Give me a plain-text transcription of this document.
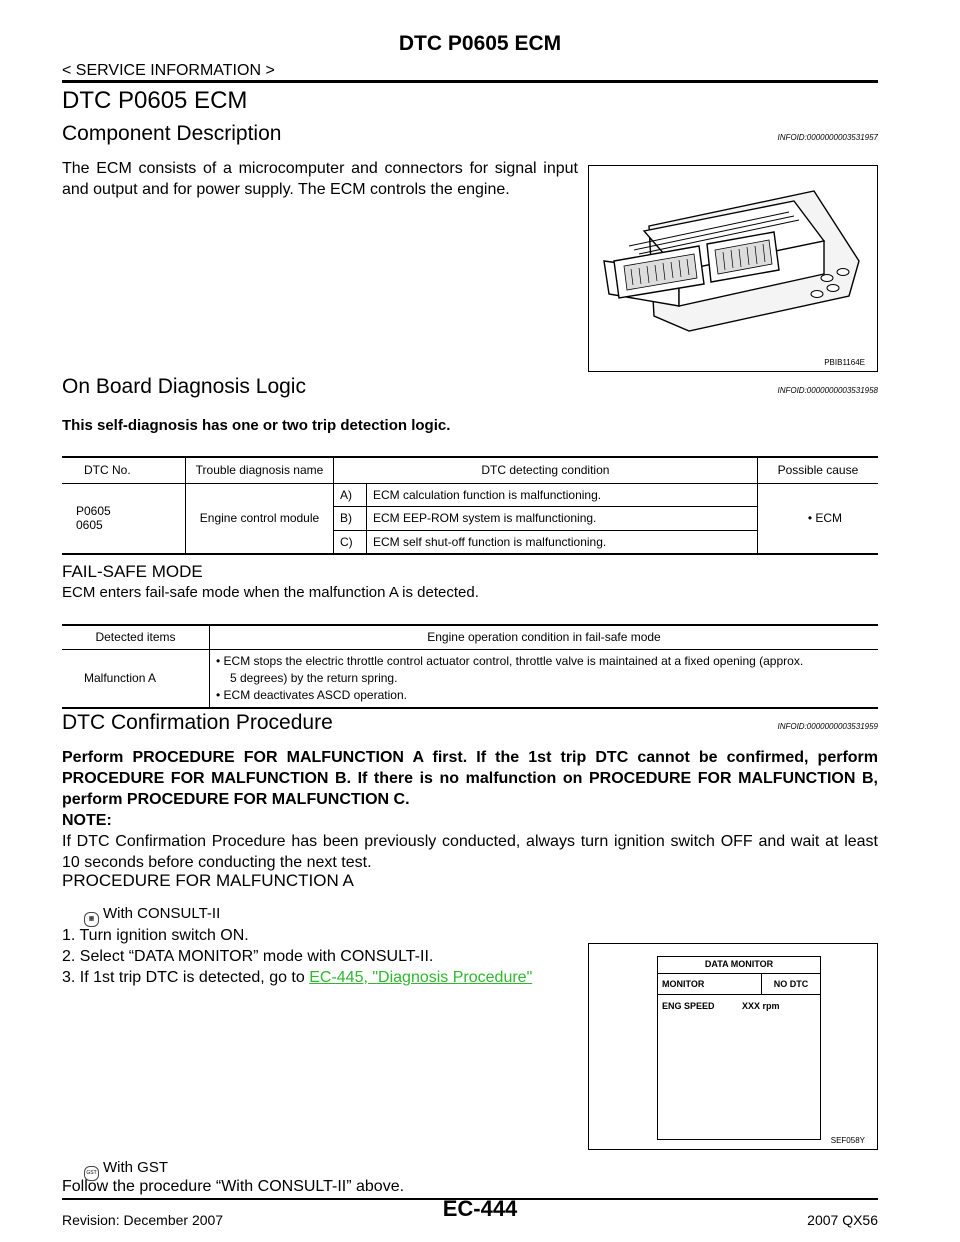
DTC P0605 ECM
< SERVICE INFORMATION >
DTC P0605 ECM
Component Description	INFOID:0000000003531957

The ECM consists of a microcomputer and connectors for signal input and output and for power supply. The ECM controls the engine.

PBIB1164E
On Board Diagnosis Logic	INFOID:0000000003531958

This self-diagnosis has one or two trip detection logic.

DTC No.	Trouble diagnosis name	DTC detecting condition		Possible cause

P0605
0605	Engine control module	A)	ECM calculation function is malfunctioning.	• ECM
		B)	ECM EEP-ROM system is malfunctioning.	
		C)	ECM self shut-off function is malfunctioning.	
FAIL-SAFE MODE

ECM enters fail-safe mode when the malfunction A is detected.

Detected items	Engine operation condition in fail-safe mode
Malfunction A	• ECM stops the electric throttle control actuator control, throttle valve is maintained at a fixed opening (approx.
5 degrees) by the return spring.
• ECM deactivates ASCD operation.
DTC Confirmation Procedure	INFOID:0000000003531959

Perform PROCEDURE FOR MALFUNCTION A first. If the 1st trip DTC cannot be confirmed, perform PROCEDURE FOR MALFUNCTION B. If there is no malfunction on PROCEDURE FOR MALFUNCTION B, perform PROCEDURE FOR MALFUNCTION C.

NOTE:

If DTC Confirmation Procedure has been previously conducted, always turn ignition switch OFF and wait at least 10 seconds before conducting the next test.

PROCEDURE FOR MALFUNCTION A
▦ With CONSULT-II
1. Turn ignition switch ON.
2. Select “DATA MONITOR” mode with CONSULT-II.
3. If 1st trip DTC is detected, go to EC-445, "Diagnosis Procedure"
DATA MONITOR
MONITOR	NO DTC
ENG SPEED	XXX rpm
SEF058Y
GST With GST

Follow the procedure “With CONSULT-II” above.

EC-444
Revision: December 2007	2007 QX56
